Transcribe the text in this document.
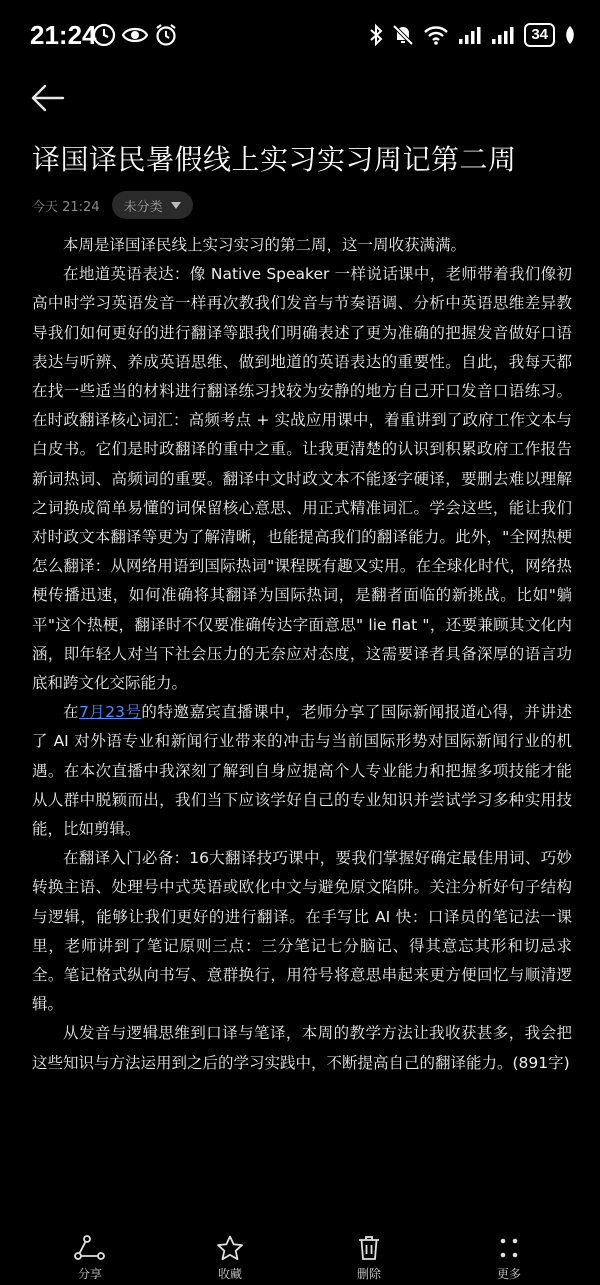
21:24	34
译国译民暑假线上实习实习周记第二周
今天 21:24 未分类

本周是译国译民线上实习实习的第二周，这一周收获满满。

在地道英语表达：像 Native Speaker 一样说话课中，老师带着我们像初高中时学习英语发音一样再次教我们发音与节奏语调、分析中英语思维差异教导我们如何更好的进行翻译等跟我们明确表述了更为准确的把握发音做好口语表达与听辨、养成英语思维、做到地道的英语表达的重要性。自此，我每天都在找一些适当的材料进行翻译练习找较为安静的地方自己开口发音口语练习。在时政翻译核心词汇：高频考点 + 实战应用课中，着重讲到了政府工作文本与白皮书。它们是时政翻译的重中之重。让我更清楚的认识到积累政府工作报告新词热词、高频词的重要。翻译中文时政文本不能逐字硬译，要删去难以理解之词换成简单易懂的词保留核心意思、用正式精准词汇。学会这些，能让我们对时政文本翻译等更为了解清晰，也能提高我们的翻译能力。此外，"全网热梗怎么翻译：从网络用语到国际热词"课程既有趣又实用。在全球化时代，网络热梗传播迅速，如何准确将其翻译为国际热词，是翻者面临的新挑战。比如"躺平"这个热梗，翻译时不仅要准确传达字面意思" lie flat "，还要兼顾其文化内涵，即年轻人对当下社会压力的无奈应对态度，这需要译者具备深厚的语言功底和跨文化交际能力。

在7月23号的特邀嘉宾直播课中，老师分享了国际新闻报道心得，并讲述了 AI 对外语专业和新闻行业带来的冲击与当前国际形势对国际新闻行业的机遇。在本次直播中我深刻了解到自身应提高个人专业能力和把握多项技能才能从人群中脱颖而出，我们当下应该学好自己的专业知识并尝试学习多种实用技能，比如剪辑。

在翻译入门必备：16大翻译技巧课中，要我们掌握好确定最佳用词、巧妙转换主语、处理号中式英语或欧化中文与避免原文陷阱。关注分析好句子结构与逻辑，能够让我们更好的进行翻译。在手写比 AI 快：口译员的笔记法一课里，老师讲到了笔记原则三点：三分笔记七分脑记、得其意忘其形和切忌求全。笔记格式纵向书写、意群换行，用符号将意思串起来更方便回忆与顺清逻辑。

从发音与逻辑思维到口译与笔译，本周的教学方法让我收获甚多，我会把这些知识与方法运用到之后的学习实践中，不断提高自己的翻译能力。(891字)

分享	收藏	删除	更多
